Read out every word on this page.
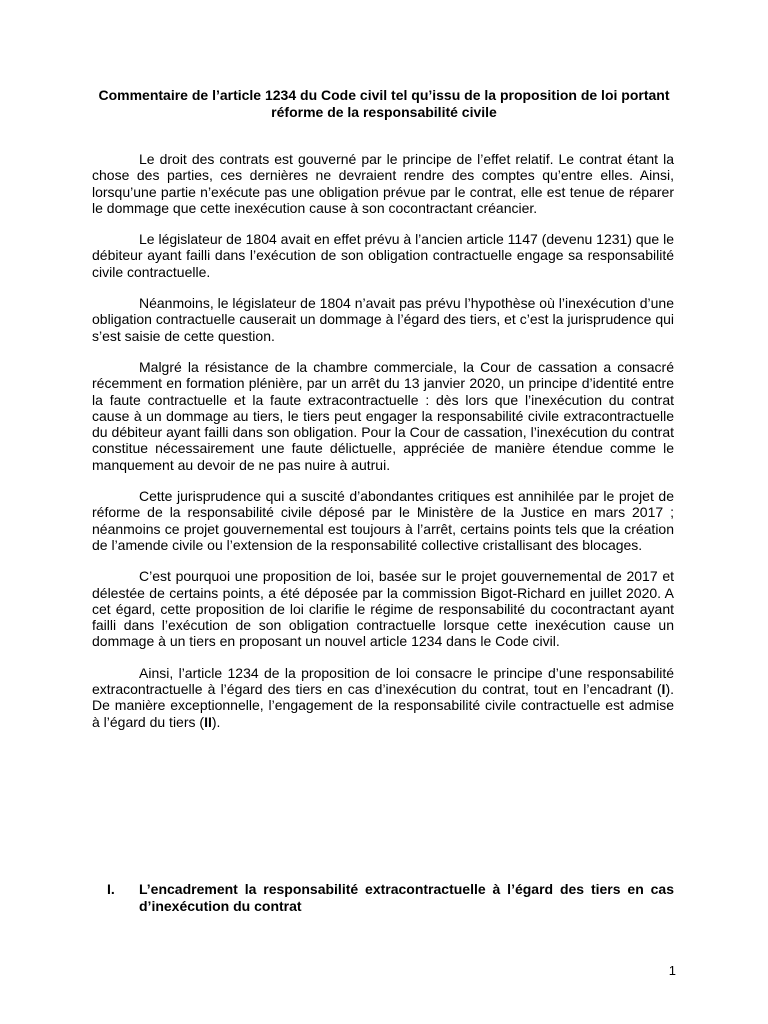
Commentaire de l’article 1234 du Code civil tel qu’issu de la proposition de loi portant réforme de la responsabilité civile

Le droit des contrats est gouverné par le principe de l’effet relatif. Le contrat étant la chose des parties, ces dernières ne devraient rendre des comptes qu’entre elles. Ainsi, lorsqu’une partie n’exécute pas une obligation prévue par le contrat, elle est tenue de réparer le dommage que cette inexécution cause à son cocontractant créancier.

Le législateur de 1804 avait en effet prévu à l’ancien article 1147 (devenu 1231) que le débiteur ayant failli dans l’exécution de son obligation contractuelle engage sa responsabilité civile contractuelle.

Néanmoins, le législateur de 1804 n’avait pas prévu l’hypothèse où l’inexécution d’une obligation contractuelle causerait un dommage à l’égard des tiers, et c’est la jurisprudence qui s’est saisie de cette question.

Malgré la résistance de la chambre commerciale, la Cour de cassation a consacré récemment en formation plénière, par un arrêt du 13 janvier 2020, un principe d’identité entre la faute contractuelle et la faute extracontractuelle : dès lors que l’inexécution du contrat cause à un dommage au tiers, le tiers peut engager la responsabilité civile extracontractuelle du débiteur ayant failli dans son obligation. Pour la Cour de cassation, l’inexécution du contrat constitue nécessairement une faute délictuelle, appréciée de manière étendue comme le manquement au devoir de ne pas nuire à autrui.

Cette jurisprudence qui a suscité d’abondantes critiques est annihilée par le projet de réforme de la responsabilité civile déposé par le Ministère de la Justice en mars 2017 ; néanmoins ce projet gouvernemental est toujours à l’arrêt, certains points tels que la création de l’amende civile ou l’extension de la responsabilité collective cristallisant des blocages.

C’est pourquoi une proposition de loi, basée sur le projet gouvernemental de 2017 et délestée de certains points, a été déposée par la commission Bigot-Richard en juillet 2020. A cet égard, cette proposition de loi clarifie le régime de responsabilité du cocontractant ayant failli dans l’exécution de son obligation contractuelle lorsque cette inexécution cause un dommage à un tiers en proposant un nouvel article 1234 dans le Code civil.

Ainsi, l’article 1234 de la proposition de loi consacre le principe d’une responsabilité extracontractuelle à l’égard des tiers en cas d’inexécution du contrat, tout en l’encadrant (I). De manière exceptionnelle, l’engagement de la responsabilité civile contractuelle est admise à l’égard du tiers (II).

I.	L’encadrement la responsabilité extracontractuelle à l’égard des tiers en cas d’inexécution du contrat
1
